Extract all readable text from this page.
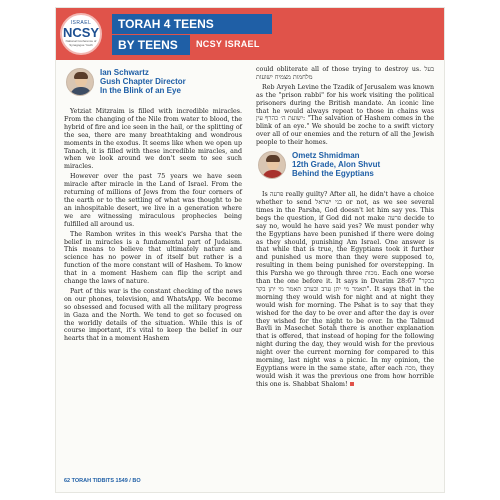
ISRAEL
NCSY
National Conference of Synagogue Youth
TORAH 4 TEENS
BY TEENS	NCSY ISRAEL
Ian Schwartz
Gush Chapter Director
In the Blink of an Eye

Yetziat Mitzraim is filled with incredible miracles. From the changing of the Nile from water to blood, the hybrid of fire and ice seen in the hail, or the splitting of the sea, there are many breathtaking and wondrous moments in the exodus. It seems like when we open up Tanach, it is filled with these incredible miracles, and when we look around we don't seem to see such miracles.

However over the past 75 years we have seen miracle after miracle in the Land of Israel. From the returning of millions of Jews from the four corners of the earth or to the settling of what was thought to be an inhospitable desert, we live in a generation where we are witnessing miraculous prophecies being fulfilled all around us.

The Rambon writes in this week's Parsha that the belief in miracles is a fundamental part of Judaism. This means to believe that ultimately nature and science has no power in of itself but rather is a function of the more constant will of Hashem. To know that in a moment Hashem can flip the script and change the laws of nature.

Part of this war is the constant checking of the news on our phones, television, and WhatsApp. We become so obsessed and focused with all the military progress in Gaza and the North. We tend to get so focused on the worldly details of the situation. While this is of course important, it's vital to keep the belief in our hearts that in a moment Hashem

could obliterate all of those trying to destroy us. בעל מלחמות מצמיח ישועות

Reb Aryeh Levine the Tzadik of Jerusalem was known as the "prison rabbi" for his work visiting the political prisoners during the British mandate. An iconic line that he would always repeat to those in chains was ישועת ה׳ כהרף עין: "The salvation of Hashem comes in the blink of an eye." We should be zoche to a swift victory over all of our enemies and the return of all the Jewish people to their homes.

Ometz Shmidman
12th Grade, Alon Shvut
Behind the Egyptians

Is פרעה really guilty? After all, he didn't have a choice whether to send בני ישראל or not, as we see several times in the Parsha, God doesn't let him say yes. This begs the question, if God did not make פרעה decide to say no, would he have said yes? We must ponder why the Egyptians have been punished if there were doing as they should, punishing Am Israel. One answer is that while that is true, the Egyptians took it further and punished us more than they were supposed to, resulting in them being punished for overstepping. In this Parsha we go through three מכות. Each one worse than the one before it. It says in Dvarim 28:67 "בבקר תאמר מי יתן ערב ובערב תאמר מי יתן בקר". It says that in the morning they would wish for night and at night they would wish for morning. The Pshat is to say that they wished for the day to be over and after the day is over they wished for the night to be over. In the Talmud Bavli in Masechet Sotah there is another explanation that is offered, that instead of hoping for the following night during the day, they would wish for the previous night over the current morning for compared to this morning, last night was a picnic. In my opinion, the Egyptians were in the same state, after each מכה, they would wish it was the previous one from how horrible this one is. Shabbat Shalom!

62 TORAH TIDBITS 1549 / BO
